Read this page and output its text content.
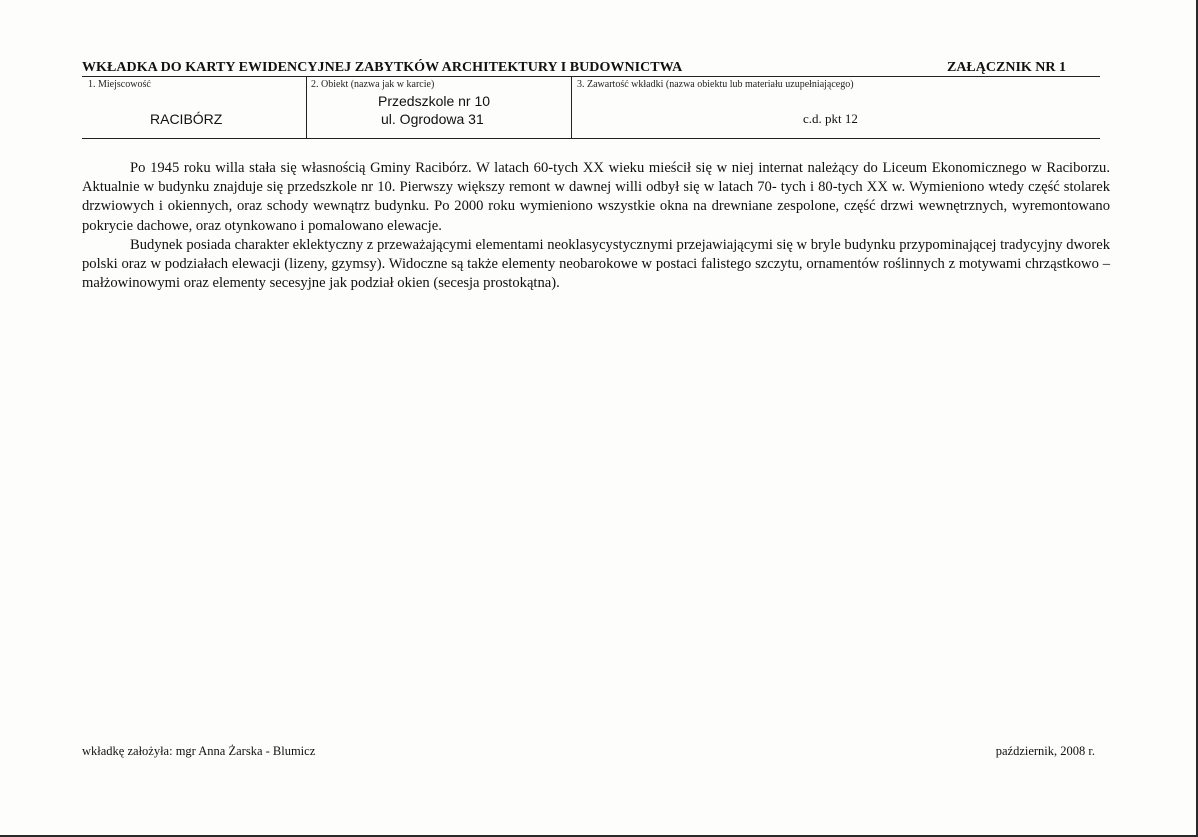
WKŁADKA DO KARTY EWIDENCYJNEJ ZABYTKÓW ARCHITEKTURY I BUDOWNICTWA	ZAŁĄCZNIK NR 1
1. Miejscowość
RACIBÓRZ
2. Obiekt (nazwa jak w karcie)
Przedszkole nr 10
ul. Ogrodowa 31
3. Zawartość wkładki (nazwa obiektu lub materiału uzupełniającego)
c.d. pkt 12

Po 1945 roku willa stała się własnością Gminy Racibórz. W latach 60-tych XX wieku mieścił się w niej internat należący do Liceum Ekonomicznego w Raciborzu. Aktualnie w budynku znajduje się przedszkole nr 10. Pierwszy większy remont w dawnej willi odbył się w latach 70- tych i 80-tych XX w. Wymieniono wtedy część stolarek drzwiowych i okiennych, oraz schody wewnątrz budynku. Po 2000 roku wymieniono wszystkie okna na drewniane zespolone, część drzwi wewnętrznych, wyremontowano pokrycie dachowe, oraz otynkowano i pomalowano elewacje.

Budynek posiada charakter eklektyczny z przeważającymi elementami neoklasycystycznymi przejawiającymi się w bryle budynku przypominającej tradycyjny dworek polski oraz w podziałach elewacji (lizeny, gzymsy). Widoczne są także elementy neobarokowe w postaci falistego szczytu, ornamentów roślinnych z motywami chrząstkowo – małżowinowymi oraz elementy secesyjne jak podział okien (secesja prostokątna).

wkładkę założyła: mgr Anna Żarska - Blumicz	październik, 2008 r.
